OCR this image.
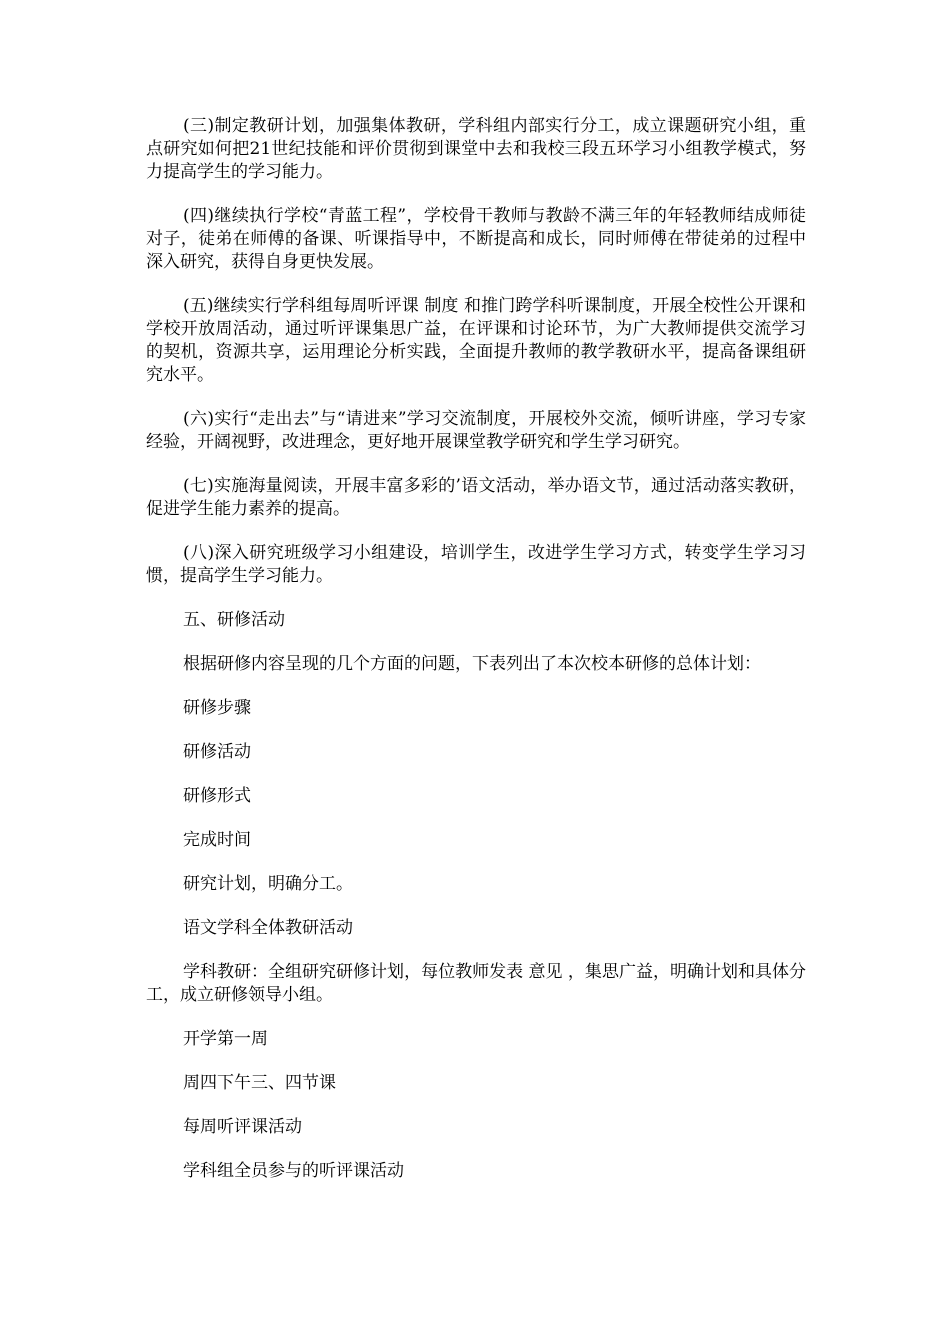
(三)制定教研计划，加强集体教研，学科组内部实行分工，成立课题研究小组，重点研究如何把21世纪技能和评价贯彻到课堂中去和我校三段五环学习小组教学模式，努力提高学生的学习能力。

(四)继续执行学校“青蓝工程”，学校骨干教师与教龄不满三年的年轻教师结成师徒对子，徒弟在师傅的备课、听课指导中，不断提高和成长，同时师傅在带徒弟的过程中深入研究，获得自身更快发展。

(五)继续实行学科组每周听评课 制度 和推门跨学科听课制度，开展全校性公开课和学校开放周活动，通过听评课集思广益，在评课和讨论环节，为广大教师提供交流学习的契机，资源共享，运用理论分析实践，全面提升教师的教学教研水平，提高备课组研究水平。

(六)实行“走出去”与“请进来”学习交流制度，开展校外交流，倾听讲座，学习专家经验，开阔视野，改进理念，更好地开展课堂教学研究和学生学习研究。

(七)实施海量阅读，开展丰富多彩的’语文活动，举办语文节，通过活动落实教研，促进学生能力素养的提高。

(八)深入研究班级学习小组建设，培训学生，改进学生学习方式，转变学生学习习惯，提高学生学习能力。

五、研修活动

根据研修内容呈现的几个方面的问题，下表列出了本次校本研修的总体计划：

研修步骤

研修活动

研修形式

完成时间

研究计划，明确分工。

语文学科全体教研活动

学科教研：全组研究研修计划，每位教师发表 意见 ，集思广益，明确计划和具体分工，成立研修领导小组。

开学第一周

周四下午三、四节课

每周听评课活动

学科组全员参与的听评课活动
